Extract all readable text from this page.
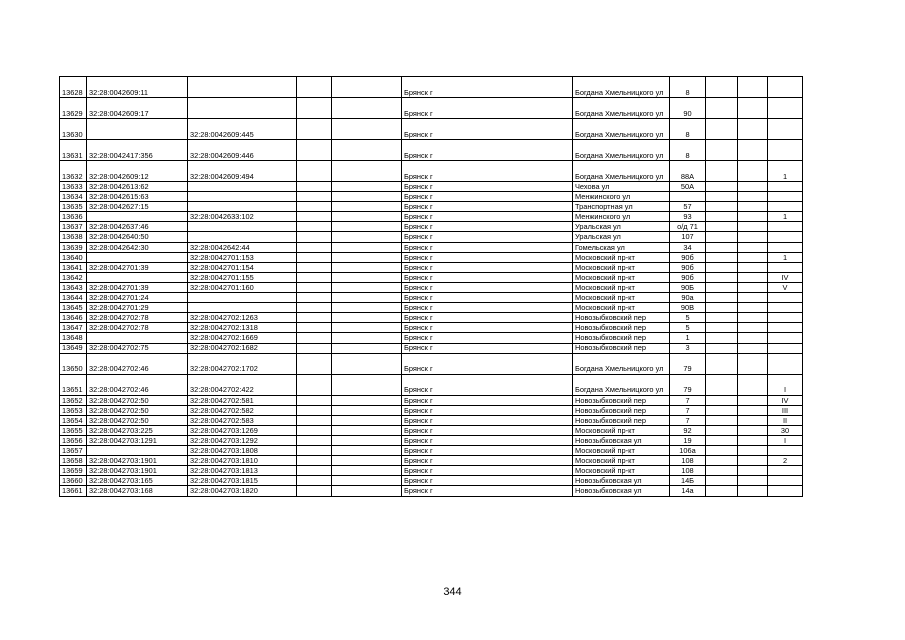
13628	32:28:0042609:11				Брянск г	Богдана Хмельницкого ул	8			
13629	32:28:0042609:17				Брянск г	Богдана Хмельницкого ул	90			
13630		32:28:0042609:445			Брянск г	Богдана Хмельницкого ул	8			
13631	32:28:0042417:356	32:28:0042609:446			Брянск г	Богдана Хмельницкого ул	8			
13632	32:28:0042609:12	32:28:0042609:494			Брянск г	Богдана Хмельницкого ул	88А			1
13633	32:28:0042613:62				Брянск г	Чехова ул	50А			
13634	32:28:0042615:63				Брянск г	Менжинского ул				
13635	32:28:0042627:15				Брянск г	Транспортная ул	57			
13636		32:28:0042633:102			Брянск г	Менжинского ул	93			1
13637	32:28:0042637:46				Брянск г	Уральская ул	о/д 71			
13638	32:28:0042640:50				Брянск г	Уральская ул	107			
13639	32:28:0042642:30	32:28:0042642:44			Брянск г	Гомельская ул	34			
13640		32:28:0042701:153			Брянск г	Московский пр-кт	90б			1
13641	32:28:0042701:39	32:28:0042701:154			Брянск г	Московский пр-кт	90б			
13642		32:28:0042701:155			Брянск г	Московский пр-кт	90б			IV
13643	32:28:0042701:39	32:28:0042701:160			Брянск г	Московский пр-кт	90Б			V
13644	32:28:0042701:24				Брянск г	Московский пр-кт	90а			
13645	32:28:0042701:29				Брянск г	Московский пр-кт	90В			
13646	32:28:0042702:78	32:28:0042702:1263			Брянск г	Новозыбковский пер	5			
13647	32:28:0042702:78	32:28:0042702:1318			Брянск г	Новозыбковский пер	5			
13648		32:28:0042702:1669			Брянск г	Новозыбковский пер	1			
13649	32:28:0042702:75	32:28:0042702:1682			Брянск г	Новозыбковский пер	3			
13650	32:28:0042702:46	32:28:0042702:1702			Брянск г	Богдана Хмельницкого ул	79			
13651	32:28:0042702:46	32:28:0042702:422			Брянск г	Богдана Хмельницкого ул	79			I
13652	32:28:0042702:50	32:28:0042702:581			Брянск г	Новозыбковский пер	7			IV
13653	32:28:0042702:50	32:28:0042702:582			Брянск г	Новозыбковский пер	7			III
13654	32:28:0042702:50	32:28:0042702:583			Брянск г	Новозыбковский пер	7			II
13655	32:28:0042703:225	32:28:0042703:1269			Брянск г	Московский пр-кт	92			30
13656	32:28:0042703:1291	32:28:0042703:1292			Брянск г	Новозыбковская ул	19			I
13657		32:28:0042703:1808			Брянск г	Московский пр-кт	106а			
13658	32:28:0042703:1901	32:28:0042703:1810			Брянск г	Московский пр-кт	108			2
13659	32:28:0042703:1901	32:28:0042703:1813			Брянск г	Московский пр-кт	108			
13660	32:28:0042703:165	32:28:0042703:1815			Брянск г	Новозыбковская ул	14Б			
13661	32:28:0042703:168	32:28:0042703:1820			Брянск г	Новозыбковская ул	14а			
344
